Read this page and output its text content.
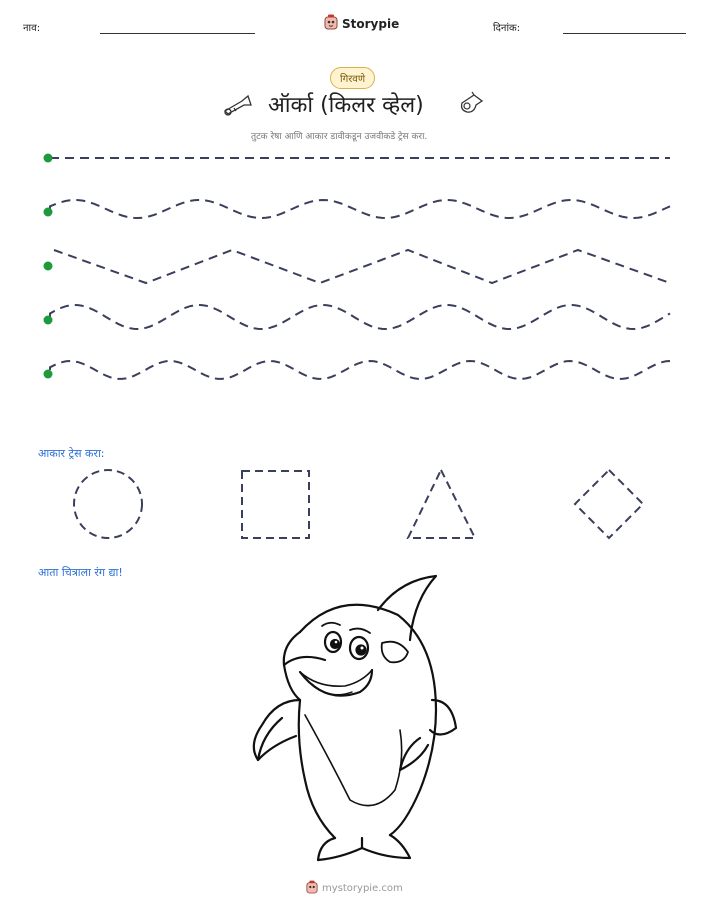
नाव:	Storypie	दिनांक:
गिरवणे
ऑर्का (किलर व्हेल)
तुटक रेषा आणि आकार डावीकडून उजवीकडे ट्रेस करा.
आकार ट्रेस करा:
आता चित्राला रंग द्या!
mystorypie.com
